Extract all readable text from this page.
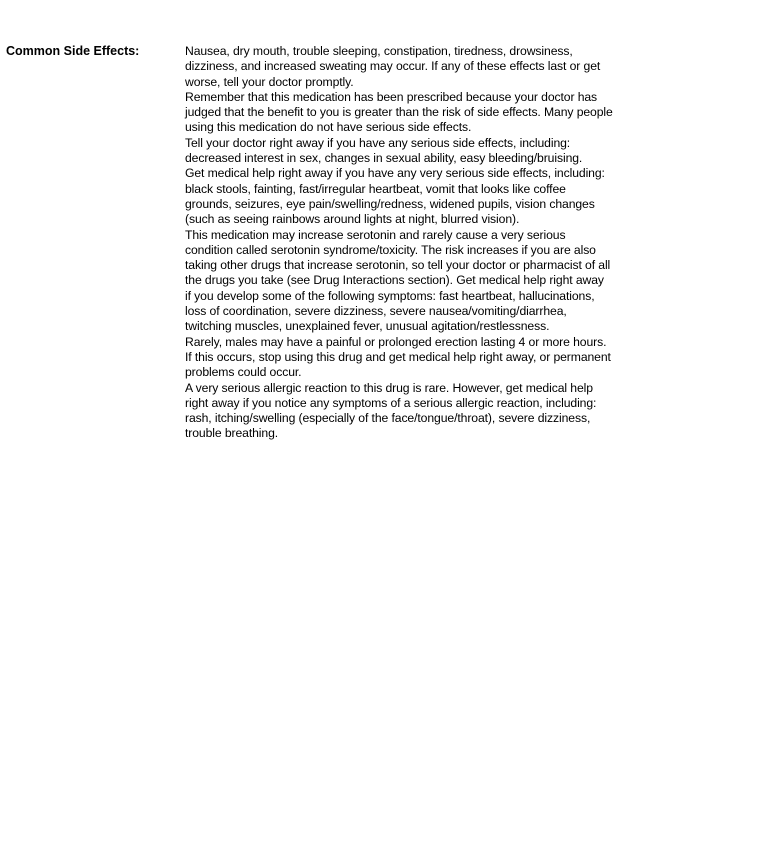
Common Side Effects:	Nausea, dry mouth, trouble sleeping, constipation, tiredness, drowsiness, dizziness, and increased sweating may occur. If any of these effects last or get worse, tell your doctor promptly.

Remember that this medication has been prescribed because your doctor has judged that the benefit to you is greater than the risk of side effects. Many people using this medication do not have serious side effects.

Tell your doctor right away if you have any serious side effects, including: decreased interest in sex, changes in sexual ability, easy bleeding/bruising.

Get medical help right away if you have any very serious side effects, including: black stools, fainting, fast/irregular heartbeat, vomit that looks like coffee grounds, seizures, eye pain/swelling/redness, widened pupils, vision changes (such as seeing rainbows around lights at night, blurred vision).

This medication may increase serotonin and rarely cause a very serious condition called serotonin syndrome/toxicity. The risk increases if you are also taking other drugs that increase serotonin, so tell your doctor or pharmacist of all the drugs you take (see Drug Interactions section). Get medical help right away if you develop some of the following symptoms: fast heartbeat, hallucinations, loss of coordination, severe dizziness, severe nausea/vomiting/diarrhea, twitching muscles, unexplained fever, unusual agitation/restlessness.

Rarely, males may have a painful or prolonged erection lasting 4 or more hours. If this occurs, stop using this drug and get medical help right away, or permanent problems could occur.

A very serious allergic reaction to this drug is rare. However, get medical help right away if you notice any symptoms of a serious allergic reaction, including: rash, itching/swelling (especially of the face/tongue/throat), severe dizziness, trouble breathing.
